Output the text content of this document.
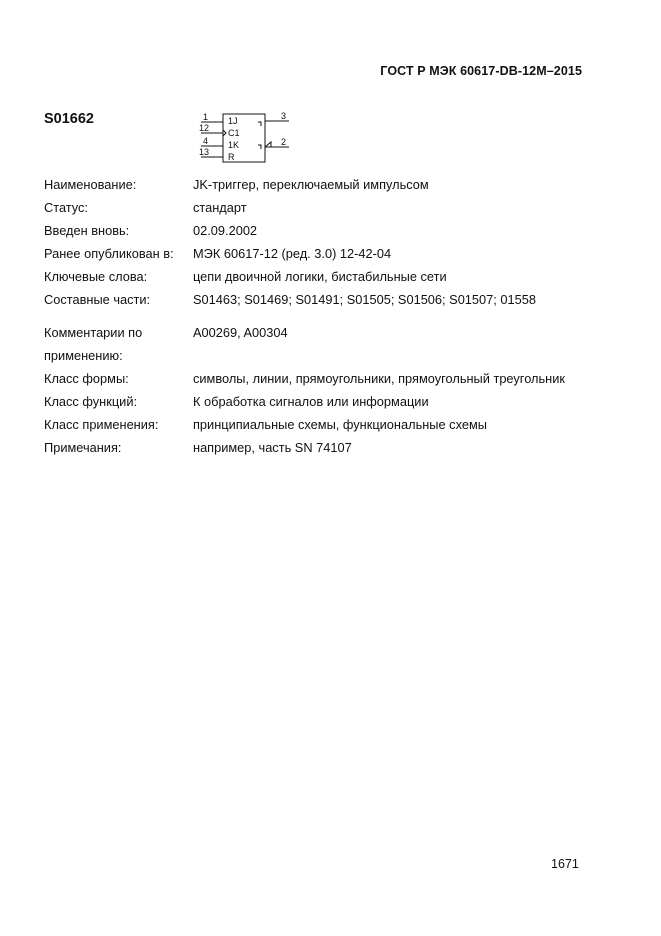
ГОСТ Р МЭК 60617-DB-12M–2015
S01662	1
12
4
13
3
2
1J
C1
1K
R
Наименование:	JK-триггер, переключаемый импульсом
Статус:	стандарт
Введен вновь:	02.09.2002
Ранее опубликован в:	МЭК 60617-12 (ред. 3.0) 12-42-04
Ключевые слова:	цепи двоичной логики, бистабильные сети
Составные части:	S01463; S01469; S01491; S01505; S01506; S01507; 01558
Комментарии по	A00269, A00304
применению:
Класс формы:	символы, линии, прямоугольники, прямоугольный треугольник
Класс функций:	К обработка сигналов или информации
Класс применения:	принципиальные схемы, функциональные схемы
Примечания:	например, часть SN 74107
1671
